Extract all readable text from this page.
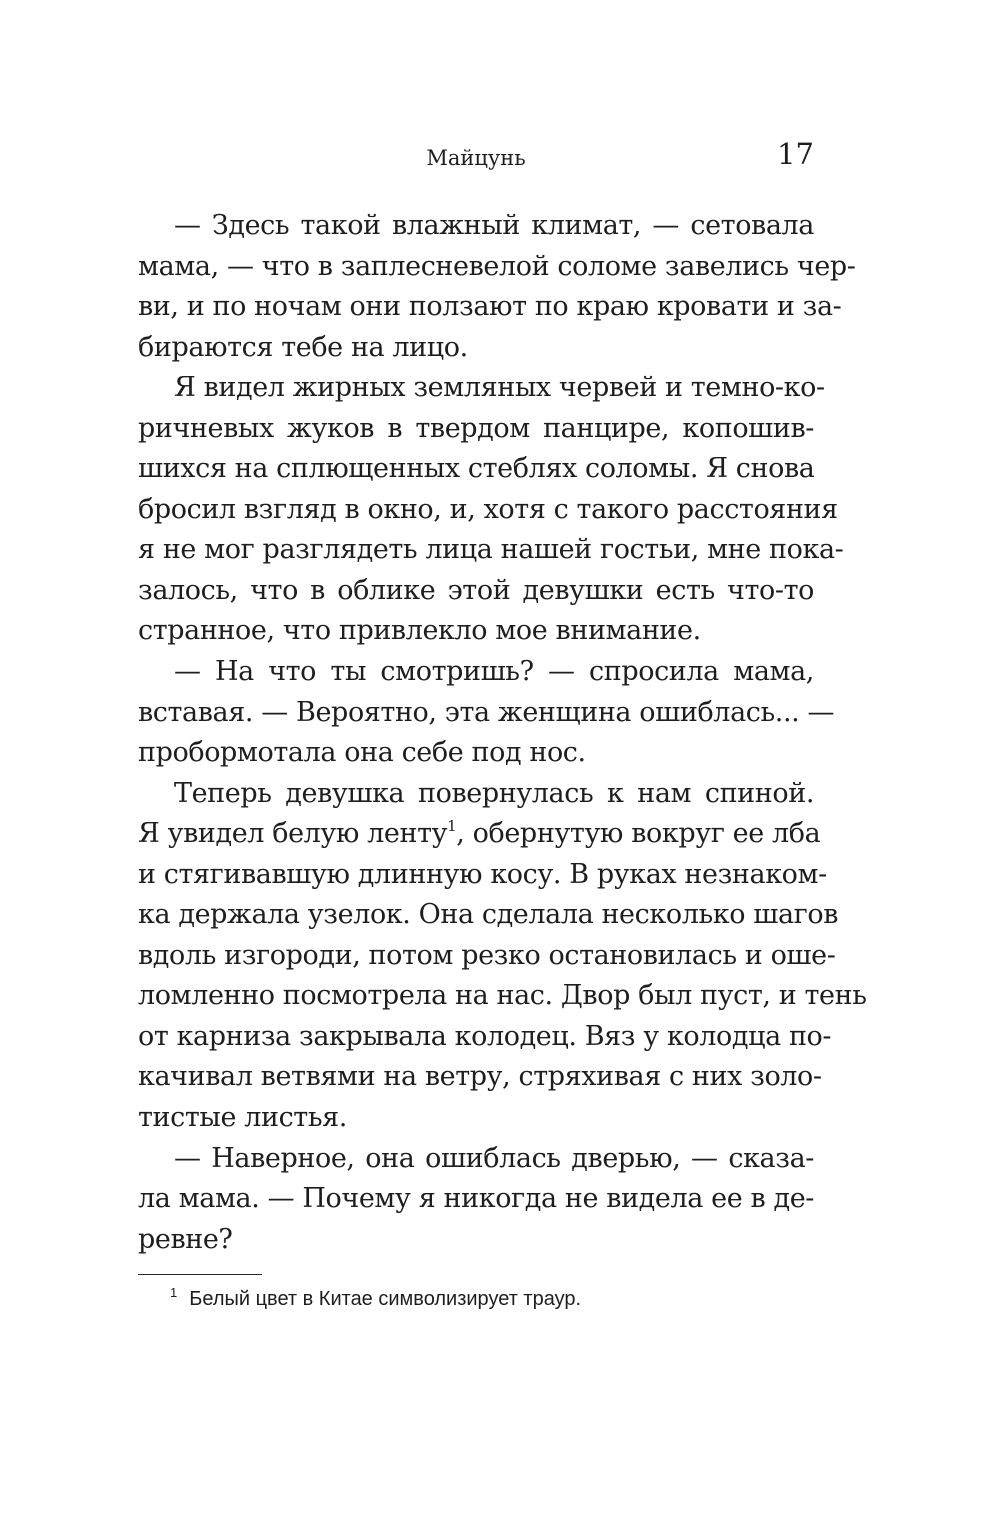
Майцунь	17
— Здесь такой влажный климат, — сетовала
мама, — что в заплесневелой соломе завелись чер-
ви, и по ночам они ползают по краю кровати и за-
бираются тебе на лицо.
Я видел жирных земляных червей и темно-ко-
ричневых жуков в твердом панцире, копошив-
шихся на сплющенных стеблях соломы. Я снова
бросил взгляд в окно, и, хотя с такого расстояния
я не мог разглядеть лица нашей гостьи, мне пока-
залось, что в облике этой девушки есть что-то
странное, что привлекло мое внимание.
— На что ты смотришь? — спросила мама,
вставая. — Вероятно, эта женщина ошиблась... —
пробормотала она себе под нос.
Теперь девушка повернулась к нам спиной.
Я увидел белую ленту$^1$, обернутую вокруг ее лба
и стягивавшую длинную косу. В руках незнаком-
ка держала узелок. Она сделала несколько шагов
вдоль изгороди, потом резко остановилась и оше-
ломленно посмотрела на нас. Двор был пуст, и тень
от карниза закрывала колодец. Вяз у колодца по-
качивал ветвями на ветру, стряхивая с них золо-
тистые листья.
— Наверное, она ошиблась дверью, — сказа-
ла мама. — Почему я никогда не видела ее в де-
ревне?
$^1$ Белый цвет в Китае символизирует траур.
